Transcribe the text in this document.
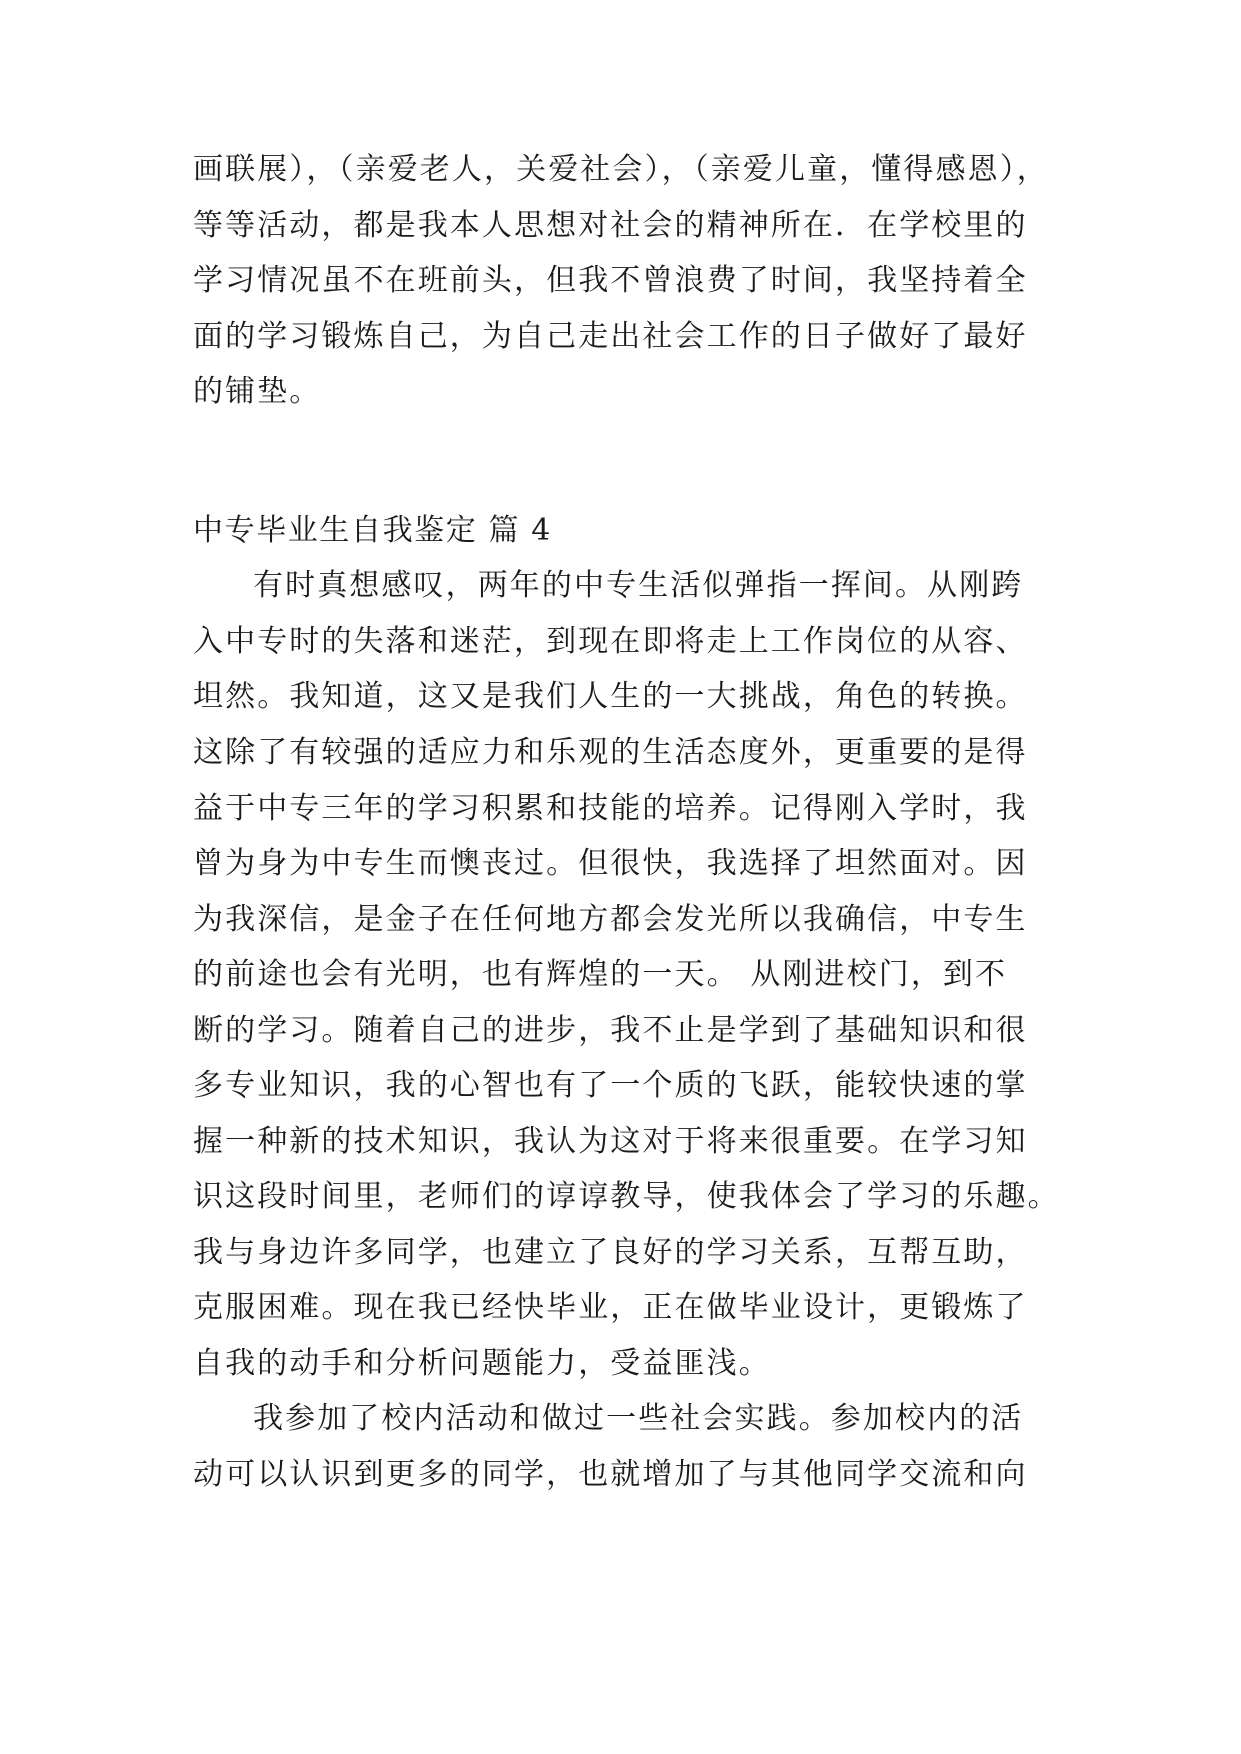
画联展），（亲爱老人，关爱社会），（亲爱儿童，懂得感恩），
等等活动，都是我本人思想对社会的精神所在．在学校里的
学习情况虽不在班前头，但我不曾浪费了时间，我坚持着全
面的学习锻炼自己，为自己走出社会工作的日子做好了最好
的铺垫。
中专毕业生自我鉴定 篇 4
有时真想感叹，两年的中专生活似弹指一挥间。从刚跨
入中专时的失落和迷茫，到现在即将走上工作岗位的从容、
坦然。我知道，这又是我们人生的一大挑战，角色的转换。
这除了有较强的适应力和乐观的生活态度外，更重要的是得
益于中专三年的学习积累和技能的培养。记得刚入学时，我
曾为身为中专生而懊丧过。但很快，我选择了坦然面对。因
为我深信，是金子在任何地方都会发光所以我确信，中专生
的前途也会有光明，也有辉煌的一天。 从刚进校门，到不
断的学习。随着自己的进步，我不止是学到了基础知识和很
多专业知识，我的心智也有了一个质的飞跃，能较快速的掌
握一种新的技术知识，我认为这对于将来很重要。在学习知
识这段时间里，老师们的谆谆教导，使我体会了学习的乐趣。
我与身边许多同学，也建立了良好的学习关系，互帮互助，
克服困难。现在我已经快毕业，正在做毕业设计，更锻炼了
自我的动手和分析问题能力，受益匪浅。
我参加了校内活动和做过一些社会实践。参加校内的活
动可以认识到更多的同学，也就增加了与其他同学交流和向
